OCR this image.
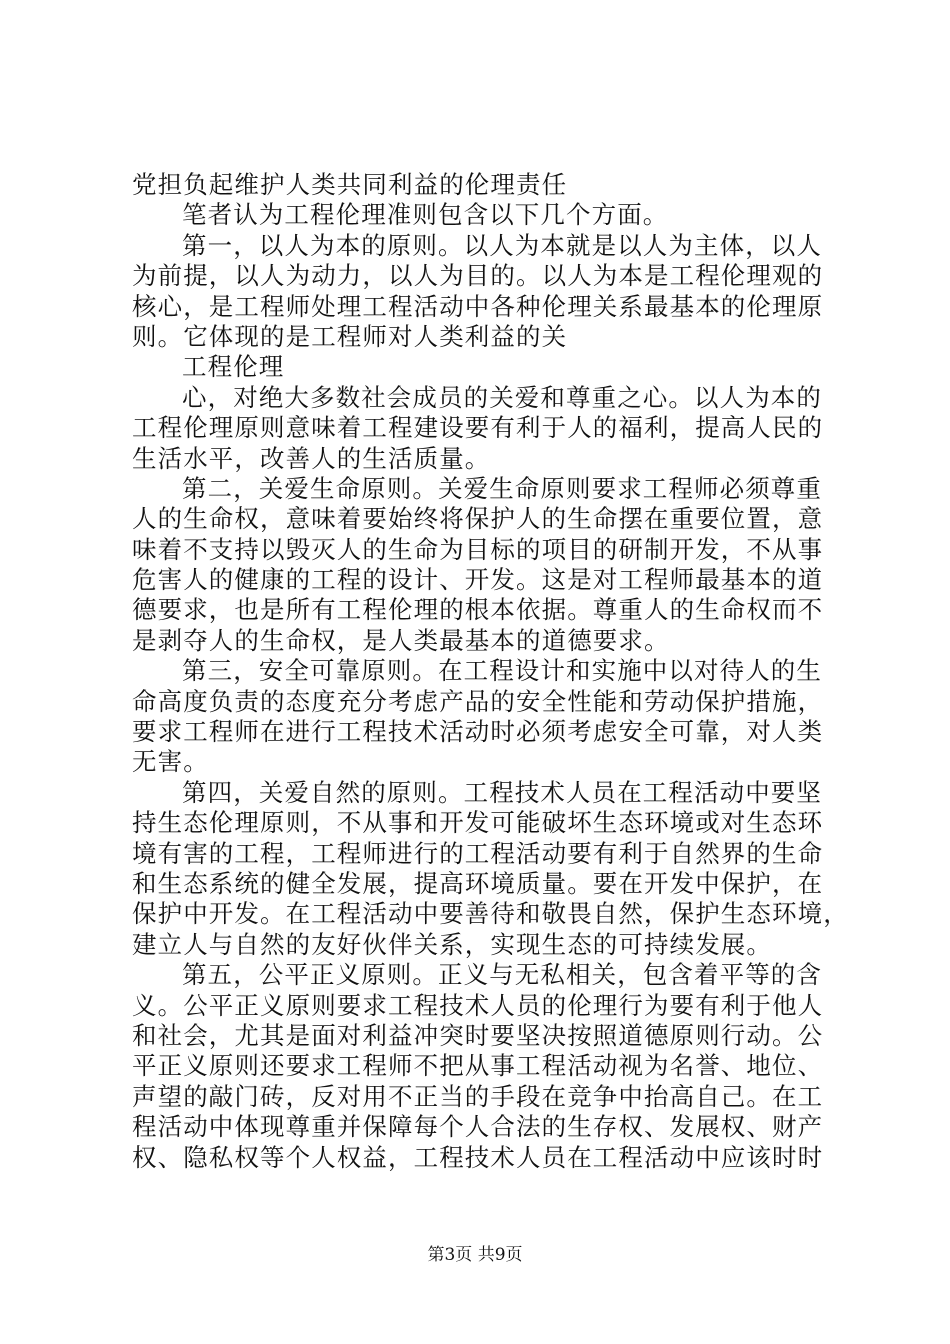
党担负起维护人类共同利益的伦理责任
笔者认为工程伦理准则包含以下几个方面。
第一，以人为本的原则。以人为本就是以人为主体，以人
为前提，以人为动力，以人为目的。以人为本是工程伦理观的
核心，是工程师处理工程活动中各种伦理关系最基本的伦理原
则。它体现的是工程师对人类利益的关
工程伦理
心，对绝大多数社会成员的关爱和尊重之心。以人为本的
工程伦理原则意味着工程建设要有利于人的福利，提高人民的
生活水平，改善人的生活质量。
第二，关爱生命原则。关爱生命原则要求工程师必须尊重
人的生命权，意味着要始终将保护人的生命摆在重要位置，意
味着不支持以毁灭人的生命为目标的项目的研制开发，不从事
危害人的健康的工程的设计、开发。这是对工程师最基本的道
德要求，也是所有工程伦理的根本依据。尊重人的生命权而不
是剥夺人的生命权，是人类最基本的道德要求。
第三，安全可靠原则。在工程设计和实施中以对待人的生
命高度负责的态度充分考虑产品的安全性能和劳动保护措施，
要求工程师在进行工程技术活动时必须考虑安全可靠，对人类
无害。
第四，关爱自然的原则。工程技术人员在工程活动中要坚
持生态伦理原则，不从事和开发可能破坏生态环境或对生态环
境有害的工程，工程师进行的工程活动要有利于自然界的生命
和生态系统的健全发展，提高环境质量。要在开发中保护，在
保护中开发。在工程活动中要善待和敬畏自然，保护生态环境，
建立人与自然的友好伙伴关系，实现生态的可持续发展。
第五，公平正义原则。正义与无私相关，包含着平等的含
义。公平正义原则要求工程技术人员的伦理行为要有利于他人
和社会，尤其是面对利益冲突时要坚决按照道德原则行动。公
平正义原则还要求工程师不把从事工程活动视为名誉、地位、
声望的敲门砖，反对用不正当的手段在竞争中抬高自己。在工
程活动中体现尊重并保障每个人合法的生存权、发展权、财产
权、隐私权等个人权益，工程技术人员在工程活动中应该时时
第3页 共9页
